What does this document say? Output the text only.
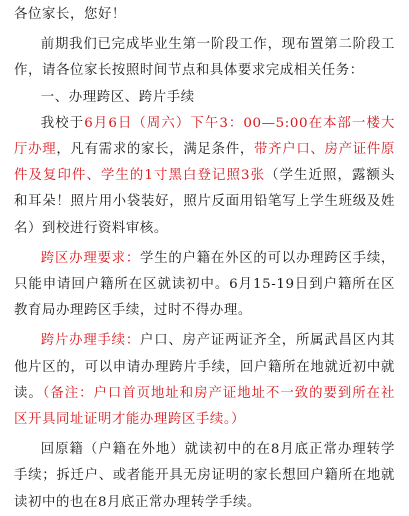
各位家长，您好！

前期我们已完成毕业生第一阶段工作，现布置第二阶段工作，请各位家长按照时间节点和具体要求完成相关任务：

一、办理跨区、跨片手续

我校于6月6日（周六）下午3：00—5:00在本部一楼大厅办理，凡有需求的家长，满足条件，带齐户口、房产证件原件及复印件、学生的1寸黑白登记照3张（学生近照，露额头和耳朵！照片用小袋装好，照片反面用铅笔写上学生班级及姓名）到校进行资料审核。

跨区办理要求：学生的户籍在外区的可以办理跨区手续，只能申请回户籍所在区就读初中。6月15-19日到户籍所在区教育局办理跨区手续，过时不得办理。

跨片办理手续：户口、房产证两证齐全，所属武昌区内其他片区的，可以申请办理跨片手续，回户籍所在地就近初中就读。（备注：户口首页地址和房产证地址不一致的要到所在社区开具同址证明才能办理跨区手续。）

回原籍（户籍在外地）就读初中的在8月底正常办理转学手续；拆迁户、或者能开具无房证明的家长想回户籍所在地就读初中的也在8月底正常办理转学手续。
